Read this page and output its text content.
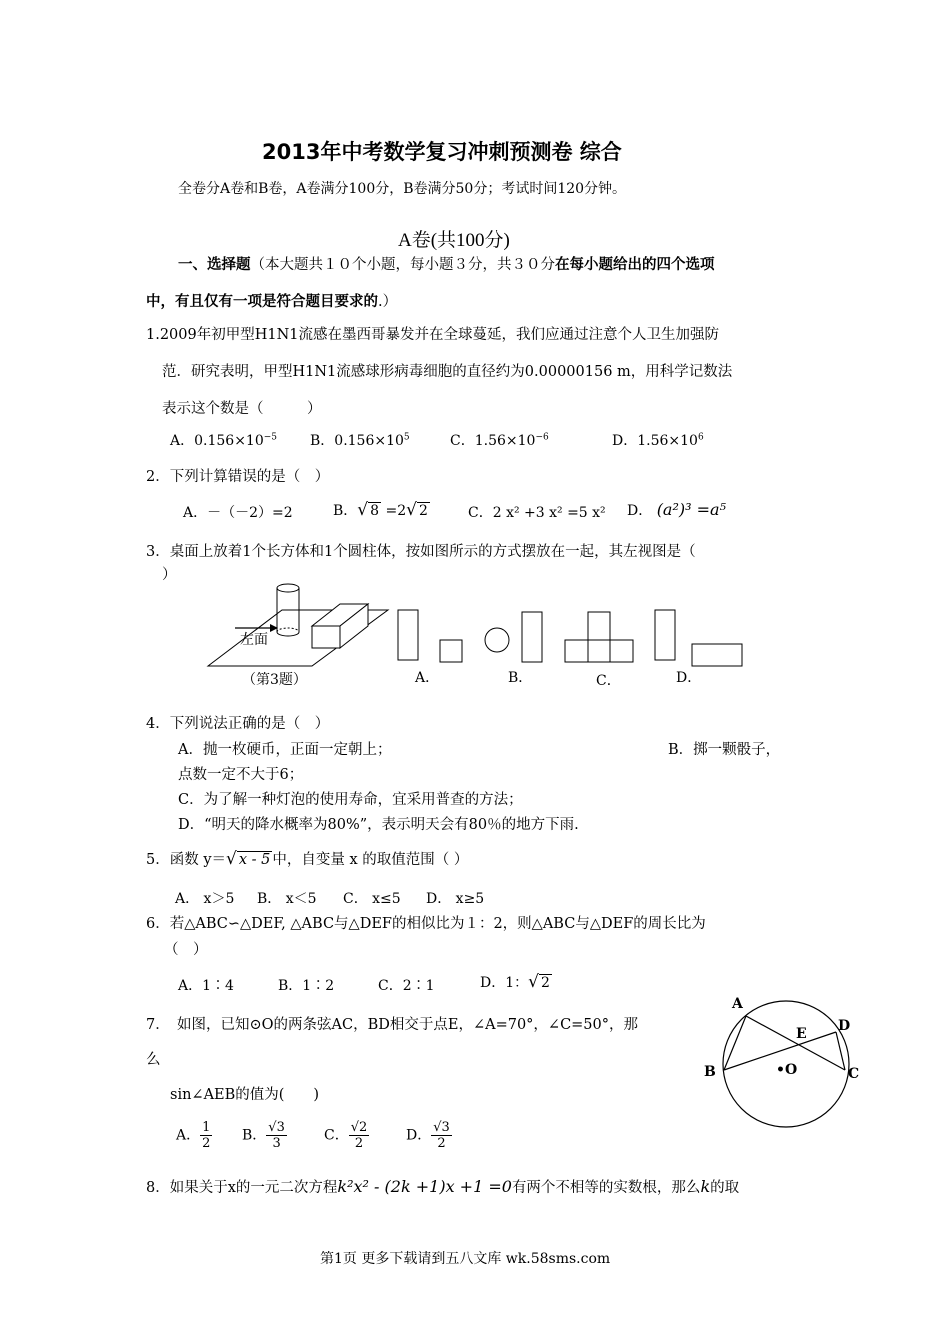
2013年中考数学复习冲刺预测卷 综合
全卷分A卷和B卷，A卷满分100分，B卷满分50分；考试时间120分钟。
A卷(共100分)
一、选择题（本大题共１０个小题，每小题３分，共３０分在每小题给出的四个选项
中，有且仅有一项是符合题目要求的.）
1.2009年初甲型H1N1流感在墨西哥暴发并在全球蔓延，我们应通过注意个人卫生加强防
范．研究表明，甲型H1N1流感球形病毒细胞的直径约为0.00000156 m，用科学记数法
表示这个数是（　　　）
A．$0.156\times 10^{-5}$ B．$0.156\times 10^5$	C．$1.56\times 10^{-6}$	D．$1.56\times 10^6$
2．下列计算错误的是（　）
A．－（－2）=2	B．√ 8 =2√ 2	C．2 x² +3 x² =5 x² D． (a²)³ =a⁵
3．桌面上放着1个长方体和1个圆柱体，按如图所示的方式摆放在一起，其左视图是（
）
左面
（第3题）	A．	B．	C．	D．
4．下列说法正确的是（　）
A．抛一枚硬币，正面一定朝上；	B．掷一颗骰子，
点数一定不大于6；
C．为了解一种灯泡的使用寿命，宜采用普查的方法；
D．“明天的降水概率为80%”，表示明天会有80％的地方下雨.
5．函数 y＝√ x - 5 中，自变量 x 的取值范围（ ）
A． x＞5 B． x＜5 C． x≤5 D． x≥5
6．若△ABC∽△DEF, △ABC与△DEF的相似比为１：2，则△ABC与△DEF的周长比为
（　）
A．1∶4	B．1∶2	C．2∶1	D．1：√ 2
7．　如图，已知⊙O的两条弦AC，BD相交于点E，∠A=70°，∠C=50°，那
么
sin∠AEB的值为(　　)
A． $\frac{1}{2}$ B． $\frac{√3}{3}$	C． $\frac{√2}{2}$	D． $\frac{√3}{2}$
A
B	C
D
E
•O
8．如果关于x的一元二次方程k²x² - (2k +1)x +1 =0有两个不相等的实数根，那么k的取
第1页 更多下载请到五八文库 wk.58sms.com
